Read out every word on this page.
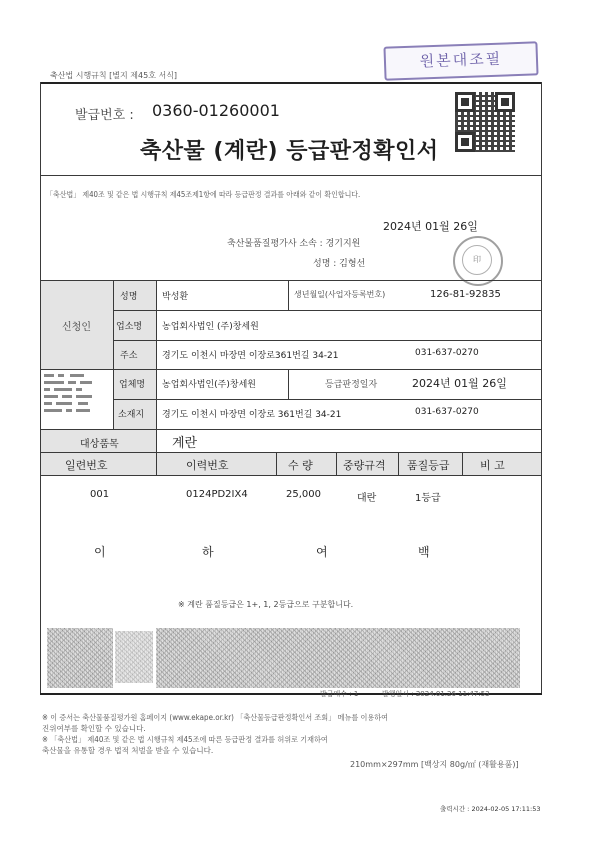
축산법 시행규칙 [별지 제45호 서식]
원본대조필
발급번호 : 0360-01260001
축산물 (계란) 등급판정확인서
「축산법」 제40조 및 같은 법 시행규칙 제45조제1항에 따라 등급판정 결과를 아래와 같이 확인합니다.
2024년 01월 26일
축산물품질평가사 소속 : 경기지원
성명 : 김형선	印
신청인
성명	박성환	생년월일(사업자등록번호)	126-81-92835
업소명 농업회사법인 (주)창세원
주소	경기도 이천시 마장면 이장로361번길 34-21	031-637-0270
업체명 농업회사법인(주)창세원	등급판정일자	2024년 01월 26일
소재지 경기도 이천시 마장면 이장로 361번길 34-21	031-637-0270
대상품목	계란
일련번호	이력번호	수 량	중량규격 품질등급	비 고
001	0124PD2IX4	25,000	대란	1등급
이	하	여	백
※ 계란 품질등급은 1+, 1, 2등급으로 구분합니다.
발급매수 : 1	발행일시 : 2024.01.26 11:47:53
※ 이 증서는 축산물품질평가원 홈페이지 (www.ekape.or.kr) 「축산물등급판정확인서 조회」 메뉴를 이용하여
진위여부를 확인할 수 있습니다.
※ 「축산법」 제40조 및 같은 법 시행규칙 제45조에 따른 등급판정 결과를 허위로 기재하여
축산물을 유통할 경우 법적 처벌을 받을 수 있습니다.
210mm×297mm [백상지 80g/㎡ (재활용품)]
출력시간 : 2024-02-05 17:11:53
